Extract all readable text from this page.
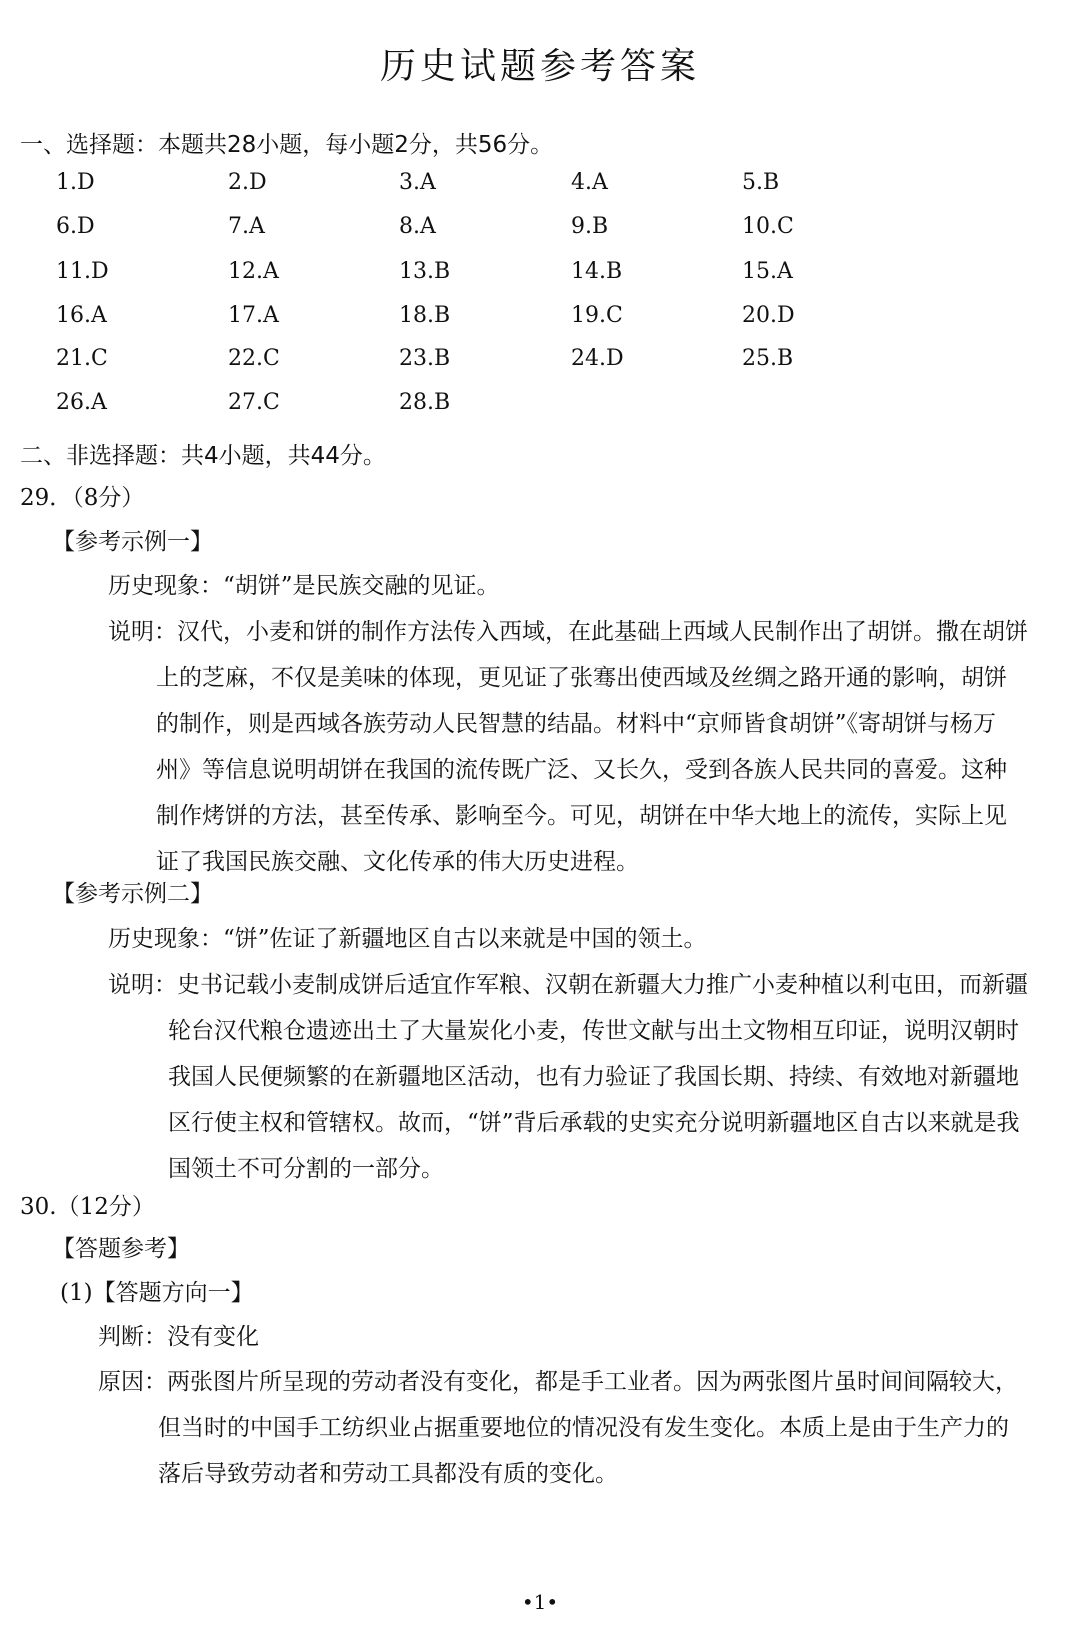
历史试题参考答案
一、选择题：本题共28小题，每小题2分，共56分。
1.D	2.D	3.A	4.A	5.B
6.D	7.A	8.A	9.B	10.C
11.D	12.A	13.B	14.B	15.A
16.A	17.A	18.B	19.C	20.D
21.C	22.C	23.B	24.D	25.B
26.A	27.C	28.B
二、非选择题：共4小题，共44分。
29．（8分）
【参考示例一】
历史现象：“胡饼”是民族交融的见证。
说明：汉代，小麦和饼的制作方法传入西域，在此基础上西域人民制作出了胡饼。撒在胡饼上的芝麻，不仅是美味的体现，更见证了张骞出使西域及丝绸之路开通的影响，胡饼的制作，则是西域各族劳动人民智慧的结晶。材料中“京师皆食胡饼”《寄胡饼与杨万州》等信息说明胡饼在我国的流传既广泛、又长久，受到各族人民共同的喜爱。这种制作烤饼的方法，甚至传承、影响至今。可见，胡饼在中华大地上的流传，实际上见证了我国民族交融、文化传承的伟大历史进程。
【参考示例二】
历史现象：“饼”佐证了新疆地区自古以来就是中国的领土。
说明：史书记载小麦制成饼后适宜作军粮、汉朝在新疆大力推广小麦种植以利屯田，而新疆轮台汉代粮仓遗迹出土了大量炭化小麦，传世文献与出土文物相互印证，说明汉朝时我国人民便频繁的在新疆地区活动，也有力验证了我国长期、持续、有效地对新疆地区行使主权和管辖权。故而，“饼”背后承载的史实充分说明新疆地区自古以来就是我国领土不可分割的一部分。
30.（12分）
【答题参考】
(1)【答题方向一】
判断：没有变化
原因：两张图片所呈现的劳动者没有变化，都是手工业者。因为两张图片虽时间间隔较大，但当时的中国手工纺织业占据重要地位的情况没有发生变化。本质上是由于生产力的落后导致劳动者和劳动工具都没有质的变化。
•1•
